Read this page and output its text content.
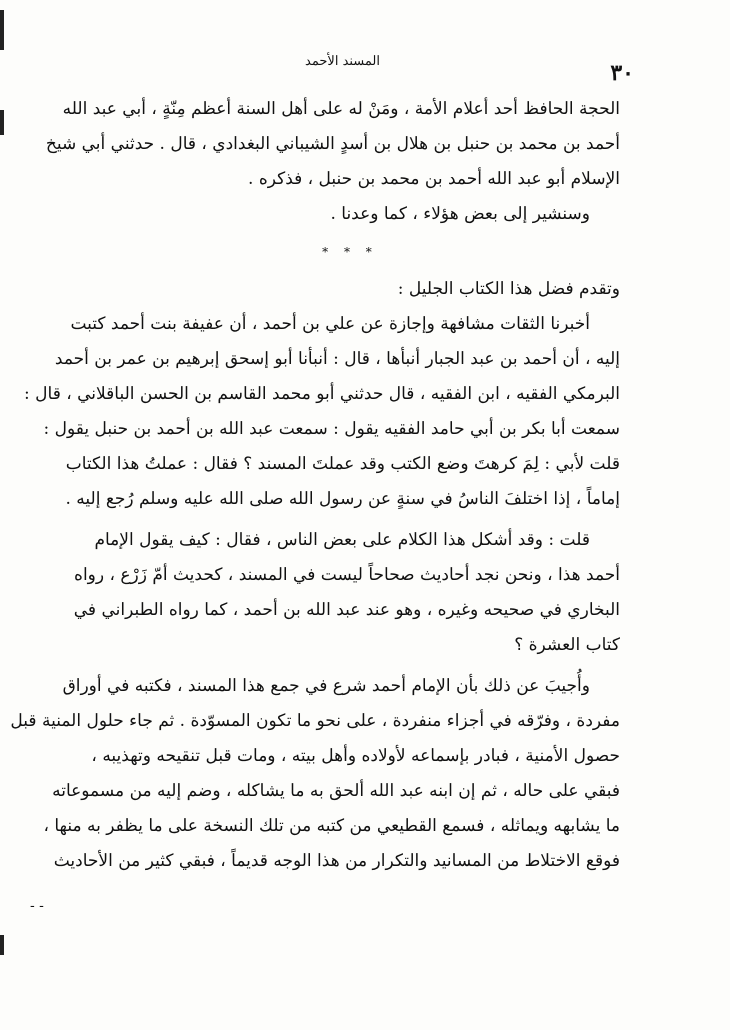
- -
٣٠
المسند الأحمد
الحجة الحافظ أحد أعلام الأمة ، ومَنْ له على أهل السنة أعظم مِنّةٍ ، أبي عبد الله
أحمد بن محمد بن حنبل بن هلال بن أسدٍ الشيباني البغدادي ، قال . حدثني أبي شيخ
الإسلام أبو عبد الله أحمد بن محمد بن حنبل ، فذكره .
وسنشير إلى بعض هؤلاء ، كما وعدنا .
* * *
وتقدم فضل هذا الكتاب الجليل :
أخبرنا الثقات مشافهة وإجازة عن علي بن أحمد ، أن عفيفة بنت أحمد كتبت
إليه ، أن أحمد بن عبد الجبار أنبأها ، قال : أنبأنا أبو إسحق إبرهيم بن عمر بن أحمد
البرمكي الفقيه ، ابن الفقيه ، قال حدثني أبو محمد القاسم بن الحسن الباقلاني ، قال :
سمعت أبا بكر بن أبي حامد الفقيه يقول : سمعت عبد الله بن أحمد بن حنبل يقول :
قلت لأبي : لِمَ كرهتَ وضع الكتب وقد عملتَ المسند ؟ فقال : عملتُ هذا الكتاب
إماماً ، إذا اختلفَ الناسُ في سنةٍ عن رسول الله صلى الله عليه وسلم رُجع إليه .
قلت : وقد أشكل هذا الكلام على بعض الناس ، فقال : كيف يقول الإمام
أحمد هذا ، ونحن نجد أحاديث صحاحاً ليست في المسند ، كحديث أمّ زَرْع ، رواه
البخاري في صحيحه وغيره ، وهو عند عبد الله بن أحمد ، كما رواه الطبراني في
كتاب العشرة ؟
وأُجيبَ عن ذلك بأن الإمام أحمد شرع في جمع هذا المسند ، فكتبه في أوراق
مفردة ، وفرّقه في أجزاء منفردة ، على نحو ما تكون المسوّدة . ثم جاء حلول المنية قبل
حصول الأمنية ، فبادر بإسماعه لأولاده وأهل بيته ، ومات قبل تنقيحه وتهذيبه ،
فبقي على حاله ، ثم إن ابنه عبد الله ألحق به ما يشاكله ، وضم إليه من مسموعاته
ما يشابهه ويماثله ، فسمع القطيعي من كتبه من تلك النسخة على ما يظفر به منها ،
فوقع الاختلاط من المسانيد والتكرار من هذا الوجه قديماً ، فبقي كثير من الأحاديث
